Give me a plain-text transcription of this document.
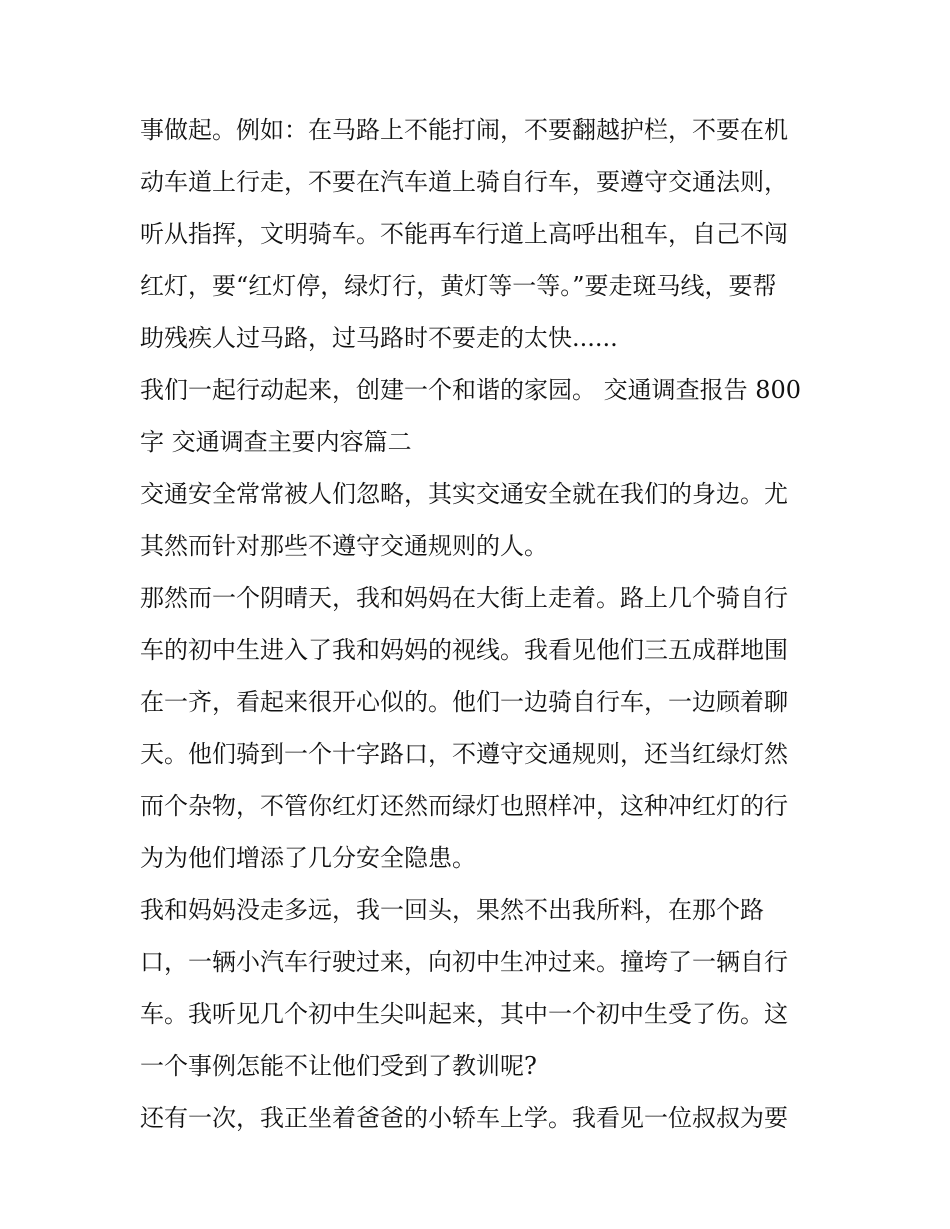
事做起。例如：在马路上不能打闹，不要翻越护栏，不要在机
动车道上行走，不要在汽车道上骑自行车，要遵守交通法则，
听从指挥，文明骑车。不能再车行道上高呼出租车，自己不闯
红灯，要“红灯停，绿灯行，黄灯等一等。”要走斑马线，要帮
助残疾人过马路，过马路时不要走的太快......
我们一起行动起来，创建一个和谐的家园。 交通调查报告 800
字 交通调查主要内容篇二
交通安全常常被人们忽略，其实交通安全就在我们的身边。尤
其然而针对那些不遵守交通规则的人。
那然而一个阴晴天，我和妈妈在大街上走着。路上几个骑自行
车的初中生进入了我和妈妈的视线。我看见他们三五成群地围
在一齐，看起来很开心似的。他们一边骑自行车，一边顾着聊
天。他们骑到一个十字路口，不遵守交通规则，还当红绿灯然
而个杂物，不管你红灯还然而绿灯也照样冲，这种冲红灯的行
为为他们增添了几分安全隐患。
我和妈妈没走多远，我一回头，果然不出我所料，在那个路
口，一辆小汽车行驶过来，向初中生冲过来。撞垮了一辆自行
车。我听见几个初中生尖叫起来，其中一个初中生受了伤。这
一个事例怎能不让他们受到了教训呢?
还有一次，我正坐着爸爸的小轿车上学。我看见一位叔叔为要
